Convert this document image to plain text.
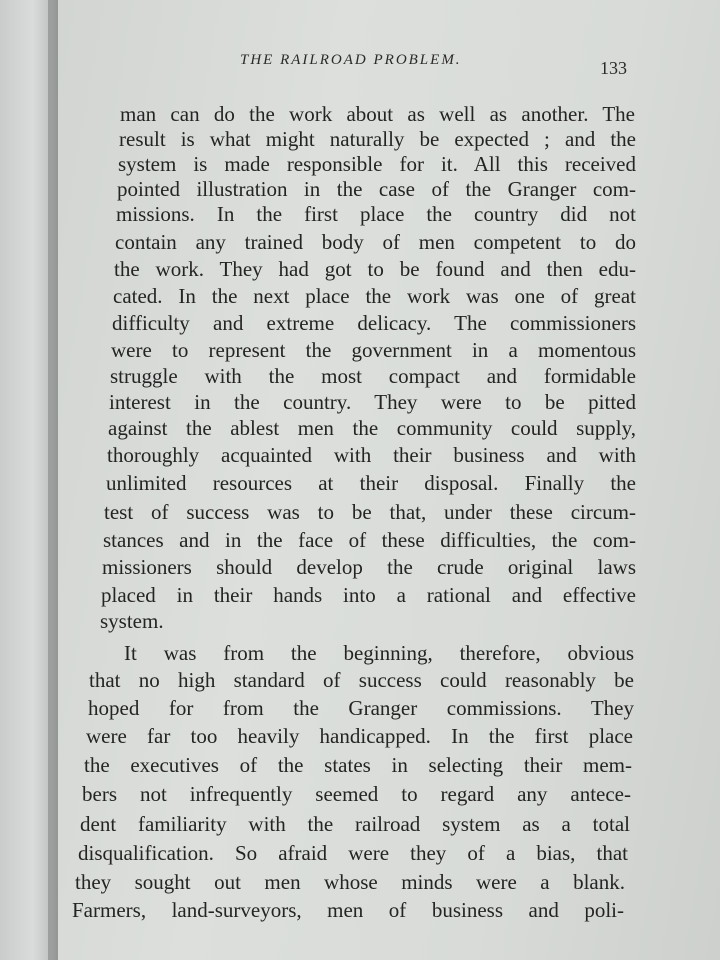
THE RAILROAD PROBLEM.	133

man can do the work about as well as another. The

result is what might naturally be expected ; and the

system is made responsible for it. All this received

pointed illustration in the case of the Granger com-

missions. In the first place the country did not

contain any trained body of men competent to do

the work. They had got to be found and then edu-

cated. In the next place the work was one of great

difficulty and extreme delicacy. The commissioners

were to represent the government in a momentous

struggle with the most compact and formidable

interest in the country. They were to be pitted

against the ablest men the community could supply,

thoroughly acquainted with their business and with

unlimited resources at their disposal. Finally the

test of success was to be that, under these circum-

stances and in the face of these difficulties, the com-

missioners should develop the crude original laws

placed in their hands into a rational and effective

system.

It was from the beginning, therefore, obvious

that no high standard of success could reasonably be

hoped for from the Granger commissions. They

were far too heavily handicapped. In the first place

the executives of the states in selecting their mem-

bers not infrequently seemed to regard any antece-

dent familiarity with the railroad system as a total

disqualification. So afraid were they of a bias, that

they sought out men whose minds were a blank.

Farmers, land-surveyors, men of business and poli-
